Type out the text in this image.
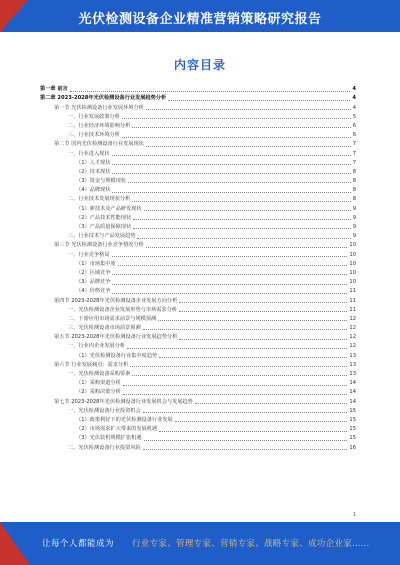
光伏检测设备企业精准营销策略研究报告
内容目录
第一章 前言	4
第二章 2023-2028年光伏检测设备行业发展趋势分析	4
第一节 光伏检测设备行业发展环境分析	4
一、行业发展政策分析	5
二、行业经济环境影响分析	6
三、行业技术环境分析	6
第二节 国内光伏检测设备行业发展现状	7
一、行业进入现状	7
（1）人才现状	7
（2）技术现状	8
（3）资金与规模现状	8
（4）品牌现状	8
二、行业技术发展现状分析	8
（1）新技术及产品研发现状	9
（2）产品技术性能现状	9
（3）产品质量保障现状	9
三、行业技术与产品发展趋势	9
第三节 光伏检测设备行业竞争情况分析	10
一、行业竞争格局	10
（1）市场集中度	10
（2）区域竞争	10
（3）品牌竞争	10
（4）价格竞争	11
第四节 2023-2028年光伏检测设备企业发展方向分析	11
一、光伏检测设备企业发展形势与市场需求分析	11
二、下游应用市场需求前景与规模预测	12
三、光伏检测设备市场前景预测	12
第五节 2023-2028年光伏检测设备行业发展趋势分析	12
一、行业内企业发展分析	12
（1）光伏检测设备行业集中度趋势	13
第六节 行业发展痛点：需求分析	13
一、光伏检测设备采购要素	13
（1）采购渠道分析	14
（2）采购决策分析	14
第七节 2023-2028年光伏检测设备行业发展机会与发展趋势	14
一、光伏检测设备行业投资机会	15
（1）政策利好下的光伏检测设备行业发展	15
（2）市场需求扩大带来的发展机遇	15
（3）光伏装机规模扩张机遇	15
二、光伏检测设备行业投资风险	16
1
让每个人都能成为 行业专家、管理专家、营销专家、战略专家、成功企业家……
